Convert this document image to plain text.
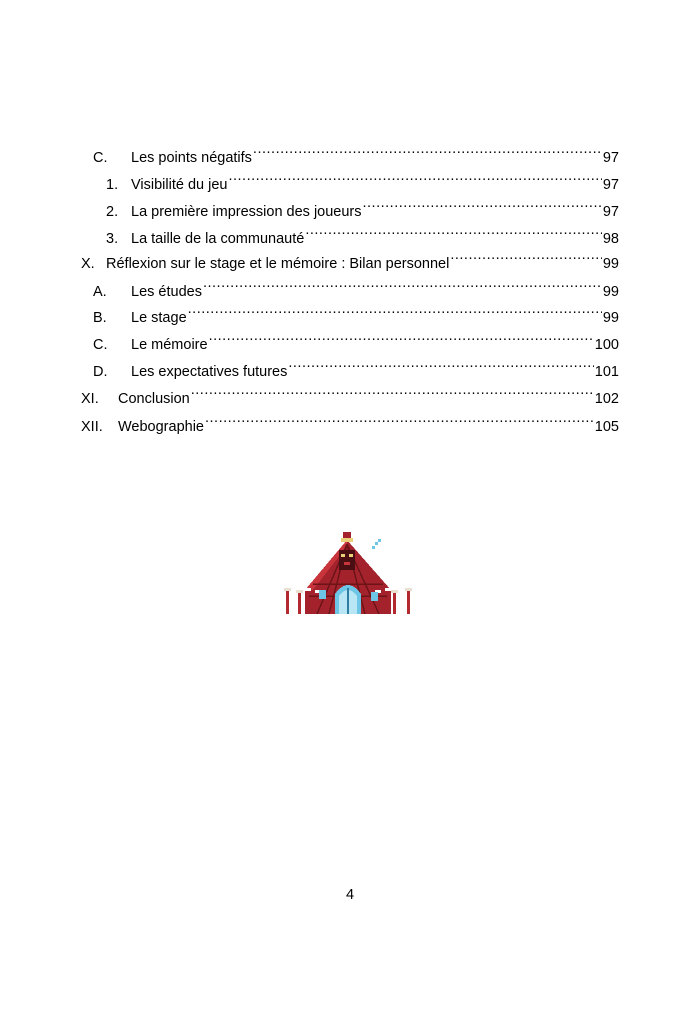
C.	Les points négatifs .....	97
1. Visibilité du jeu .....	97
2. La première impression des joueurs .....	97
3. La taille de la communauté .....	98
X. Réflexion sur le stage et le mémoire : Bilan personnel .....	99
A.	Les études .....	99
B.	Le stage .....	99
C.	Le mémoire .....	100
D.	Les expectatives futures .....	101
XI.	Conclusion .....	102
XII.	Webographie .....	105
4
